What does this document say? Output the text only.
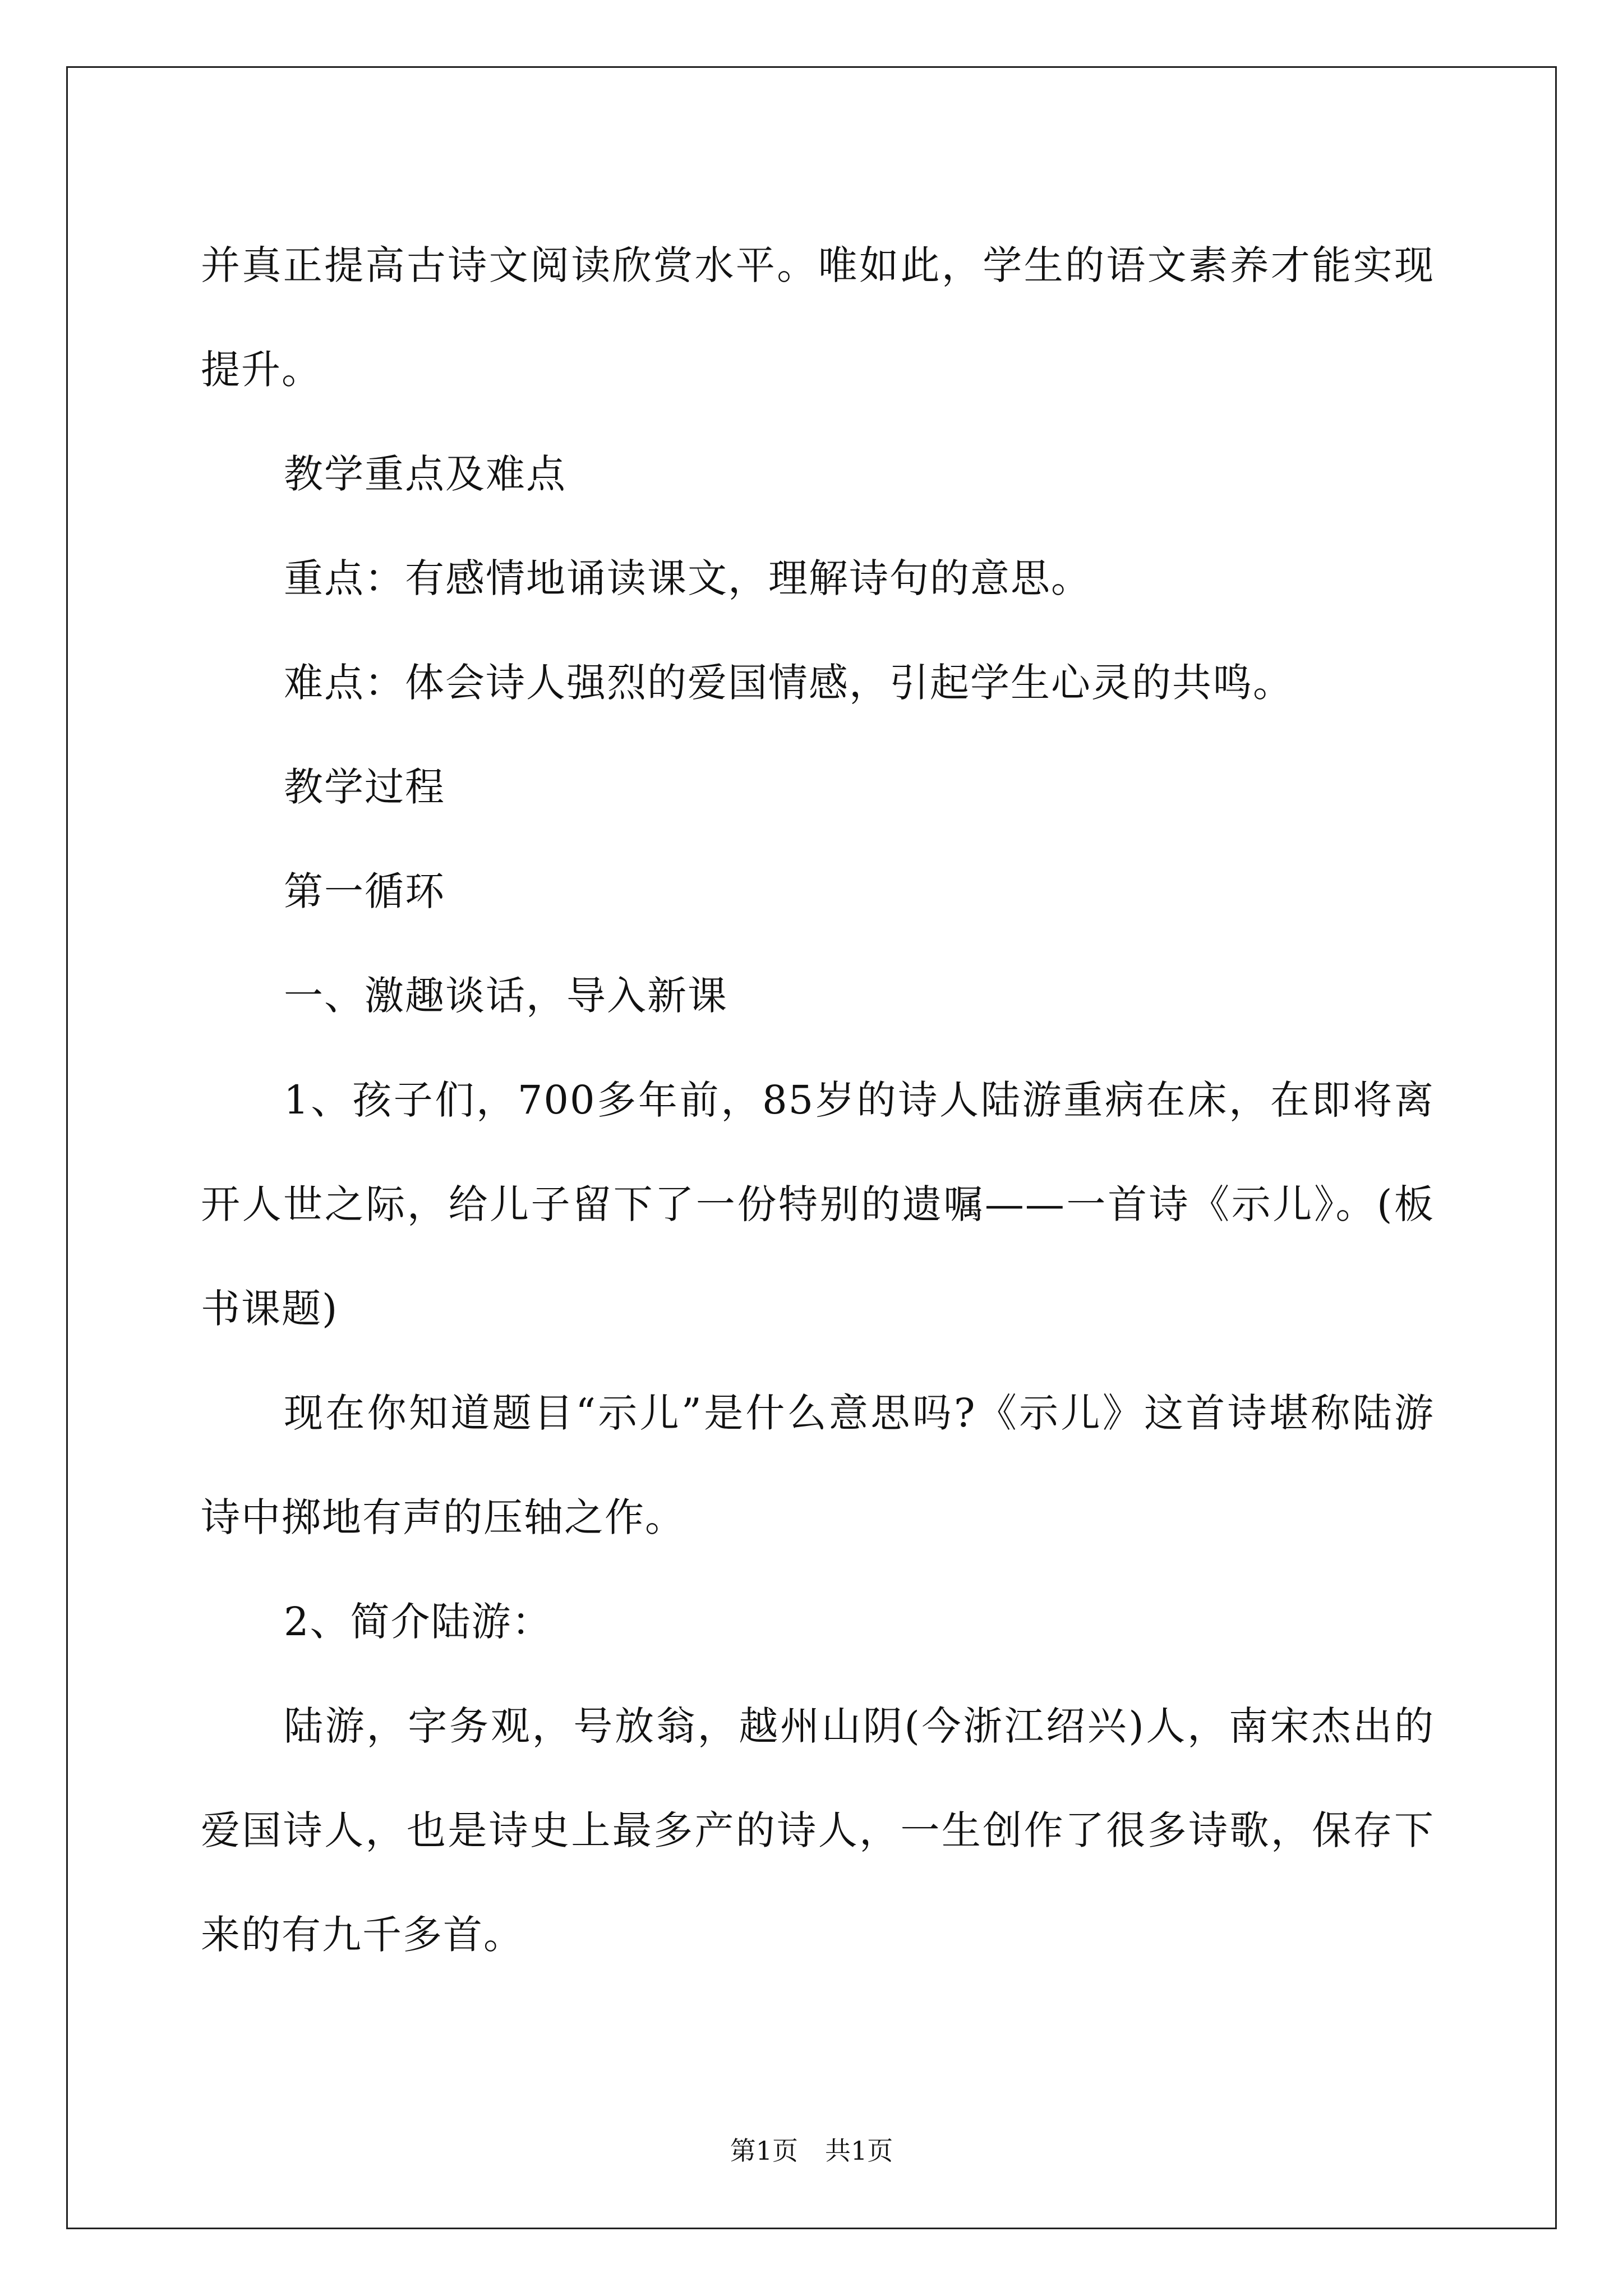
并真正提高古诗文阅读欣赏水平。唯如此，学生的语文素养才能实现提升。

教学重点及难点

重点：有感情地诵读课文，理解诗句的意思。

难点：体会诗人强烈的爱国情感，引起学生心灵的共鸣。

教学过程

第一循环

一、激趣谈话，导入新课

1、孩子们，700多年前，85岁的诗人陆游重病在床，在即将离开人世之际，给儿子留下了一份特别的遗嘱——一首诗《示儿》。(板书课题)

现在你知道题目“示儿”是什么意思吗?《示儿》这首诗堪称陆游诗中掷地有声的压轴之作。

2、简介陆游：

陆游，字务观，号放翁，越州山阴(今浙江绍兴)人，南宋杰出的爱国诗人，也是诗史上最多产的诗人，一生创作了很多诗歌，保存下来的有九千多首。

第1页 共1页
